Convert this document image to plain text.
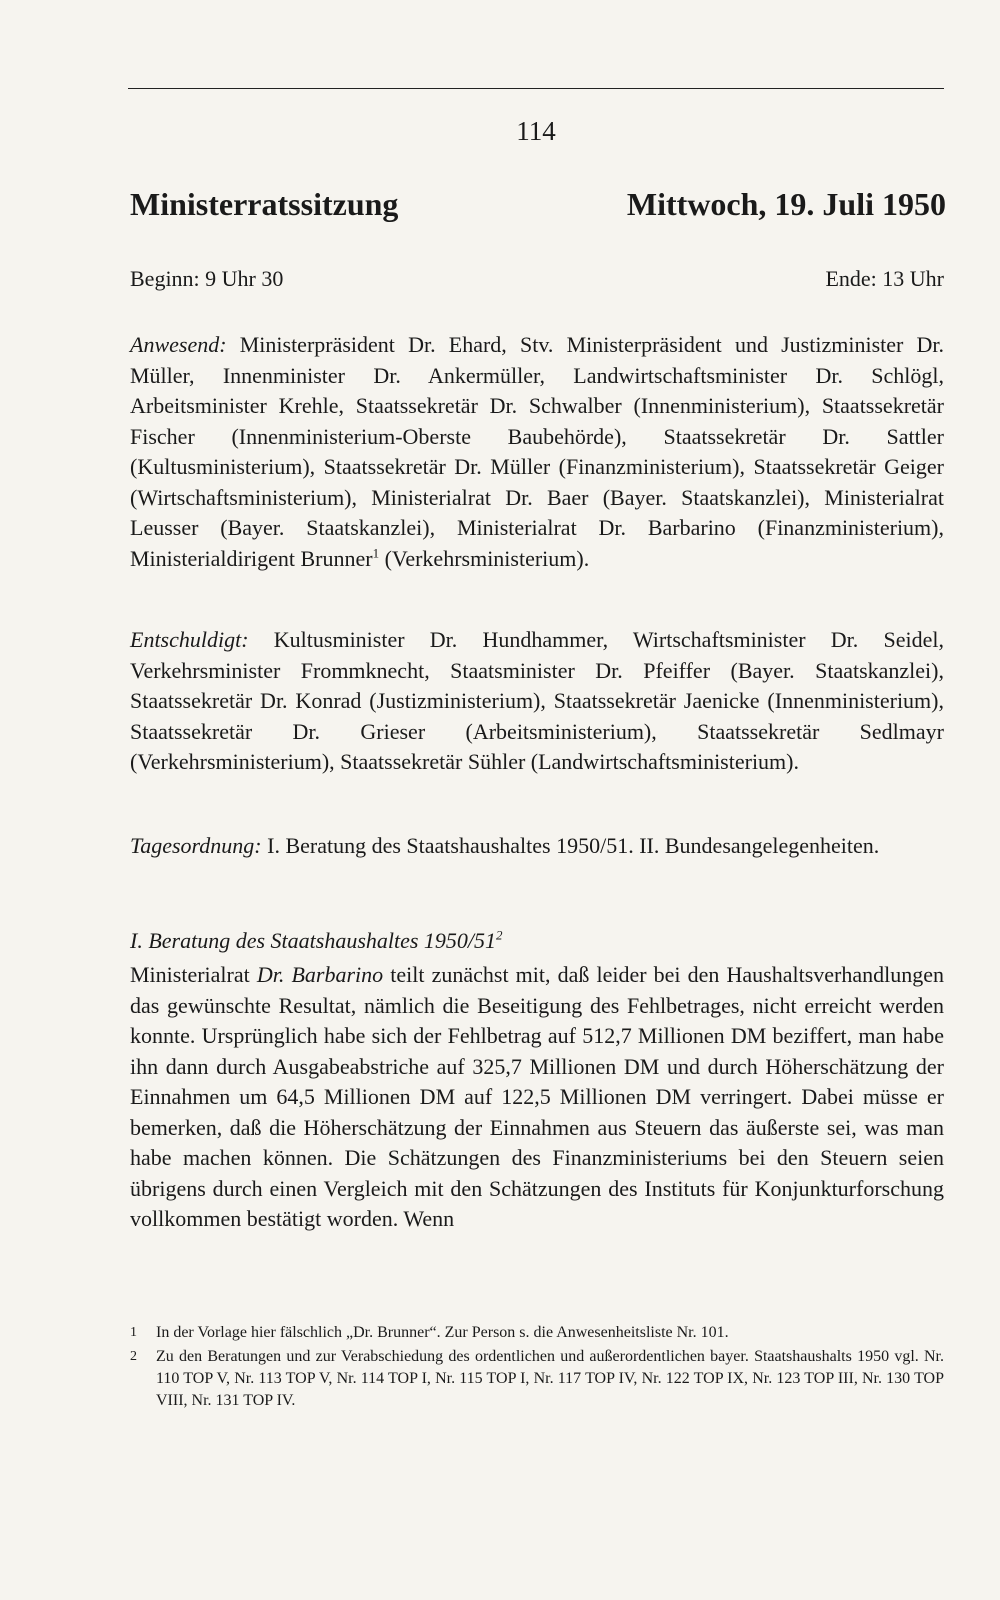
114
Ministerratssitzung	Mittwoch, 19. Juli 1950
Beginn: 9 Uhr 30	Ende: 13 Uhr

Anwesend: Ministerpräsident Dr. Ehard, Stv. Ministerpräsident und Justizminister Dr. Müller, Innenminister Dr. Ankermüller, Landwirtschaftsminister Dr. Schlögl, Arbeitsminister Krehle, Staatssekretär Dr. Schwalber (Innenministerium), Staatssekretär Fischer (Innenministerium-Oberste Baubehörde), Staatssekretär Dr. Sattler (Kultusministerium), Staatssekretär Dr. Müller (Finanzministerium), Staatssekretär Geiger (Wirtschaftsministerium), Ministerialrat Dr. Baer (Bayer. Staatskanzlei), Ministerialrat Leusser (Bayer. Staatskanzlei), Ministerialrat Dr. Barbarino (Finanzministerium), Ministerialdirigent Brunner$^1$ (Verkehrsministerium).

Entschuldigt: Kultusminister Dr. Hundhammer, Wirtschaftsminister Dr. Seidel, Verkehrsminister Frommknecht, Staatsminister Dr. Pfeiffer (Bayer. Staatskanzlei), Staatssekretär Dr. Konrad (Justizministerium), Staatssekretär Jaenicke (Innenministerium), Staatssekretär Dr. Grieser (Arbeitsministerium), Staatssekretär Sedlmayr (Verkehrsministerium), Staatssekretär Sühler (Landwirtschaftsministerium).

Tagesordnung: I. Beratung des Staatshaushaltes 1950/51. II. Bundesangelegenheiten.

I. Beratung des Staatshaushaltes 1950/51$^2$

Ministerialrat Dr. Barbarino teilt zunächst mit, daß leider bei den Haushaltsverhandlungen das gewünschte Resultat, nämlich die Beseitigung des Fehlbetrages, nicht erreicht werden konnte. Ursprünglich habe sich der Fehlbetrag auf 512,7 Millionen DM beziffert, man habe ihn dann durch Ausgabeabstriche auf 325,7 Millionen DM und durch Höherschätzung der Einnahmen um 64,5 Millionen DM auf 122,5 Millionen DM verringert. Dabei müsse er bemerken, daß die Höherschätzung der Einnahmen aus Steuern das äußerste sei, was man habe machen können. Die Schätzungen des Finanzministeriums bei den Steuern seien übrigens durch einen Vergleich mit den Schätzungen des Instituts für Konjunkturforschung vollkommen bestätigt worden. Wenn

1	In der Vorlage hier fälschlich „Dr. Brunner“. Zur Person s. die Anwesenheitsliste Nr. 101.
2	Zu den Beratungen und zur Verabschiedung des ordentlichen und außerordentlichen bayer. Staatshaushalts 1950 vgl. Nr. 110 TOP V, Nr. 113 TOP V, Nr. 114 TOP I, Nr. 115 TOP I, Nr. 117 TOP IV, Nr. 122 TOP IX, Nr. 123 TOP III, Nr. 130 TOP VIII, Nr. 131 TOP IV.
